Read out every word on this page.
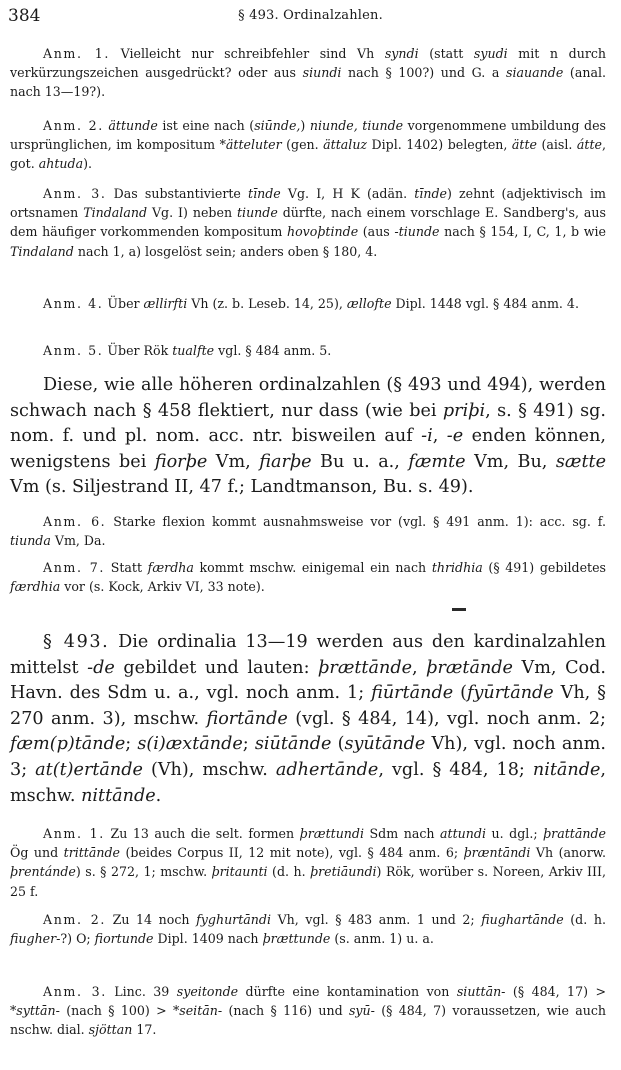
384	§ 493. Ordinalzahlen.

Anm. 1. Vielleicht nur schreibfehler sind Vh syndi (statt syudi mit n durch verkürzungszeichen ausgedrückt? oder aus siundi nach § 100?) und G. a siauande (anal. nach 13—19?).

Anm. 2. ättunde ist eine nach (siūnde,) niunde, tiunde vorgenommene umbildung des ursprünglichen, im kompositum *ätteluter (gen. ättaluz Dipl. 1402) belegten, ätte (aisl. átte, got. ahtuda).

Anm. 3. Das substantivierte tīnde Vg. I, H K (adän. tīnde) zehnt (adjektivisch im ortsnamen Tindaland Vg. I) neben tiunde dürfte, nach einem vorschlage E. Sandberg's, aus dem häufiger vorkommenden kompositum hovoþtinde (aus -tiunde nach § 154, I, C, 1, b wie Tindaland nach 1, a) losgelöst sein; anders oben § 180, 4.

Anm. 4. Über ællirfti Vh (z. b. Leseb. 14, 25), ællofte Dipl. 1448 vgl. § 484 anm. 4.

Anm. 5. Über Rök tualfte vgl. § 484 anm. 5.

Diese, wie alle höheren ordinalzahlen (§ 493 und 494), werden schwach nach § 458 flektiert, nur dass (wie bei priþi, s. § 491) sg. nom. f. und pl. nom. acc. ntr. bisweilen auf -i, -e enden können, wenigstens bei fiorþe Vm, fiarþe Bu u. a., fæmte Vm, Bu, sætte Vm (s. Siljestrand II, 47 f.; Landtmanson, Bu. s. 49).

Anm. 6. Starke flexion kommt ausnahmsweise vor (vgl. § 491 anm. 1): acc. sg. f. tiunda Vm, Da.

Anm. 7. Statt færdha kommt mschw. einigemal ein nach thridhia (§ 491) gebildetes færdhia vor (s. Kock, Arkiv VI, 33 note).

§ 493. Die ordinalia 13—19 werden aus den kardinalzahlen mittelst -de gebildet und lauten: þrættānde, þrætānde Vm, Cod. Havn. des Sdm u. a., vgl. noch anm. 1; fiūrtānde (fyūrtānde Vh, § 270 anm. 3), mschw. fiortānde (vgl. § 484, 14), vgl. noch anm. 2; fæm(p)tānde; s(i)æxtānde; siūtānde (syūtānde Vh), vgl. noch anm. 3; at(t)ertānde (Vh), mschw. adhertānde, vgl. § 484, 18; nitānde, mschw. nittānde.

Anm. 1. Zu 13 auch die selt. formen þrættundi Sdm nach attundi u. dgl.; þrattānde Ög und trittānde (beides Corpus II, 12 mit note), vgl. § 484 anm. 6; þræntāndi Vh (anorw. þrentánde) s. § 272, 1; mschw. þritaunti (d. h. þretiāundi) Rök, worüber s. Noreen, Arkiv III, 25 f.

Anm. 2. Zu 14 noch fyghurtāndi Vh, vgl. § 483 anm. 1 und 2; fiughartānde (d. h. fiugher-?) O; fiortunde Dipl. 1409 nach þrættunde (s. anm. 1) u. a.

Anm. 3. Linc. 39 syeitonde dürfte eine kontamination von siuttān- (§ 484, 17) > *syttān- (nach § 100) > *seitān- (nach § 116) und syū- (§ 484, 7) voraussetzen, wie auch nschw. dial. sjöttan 17.
